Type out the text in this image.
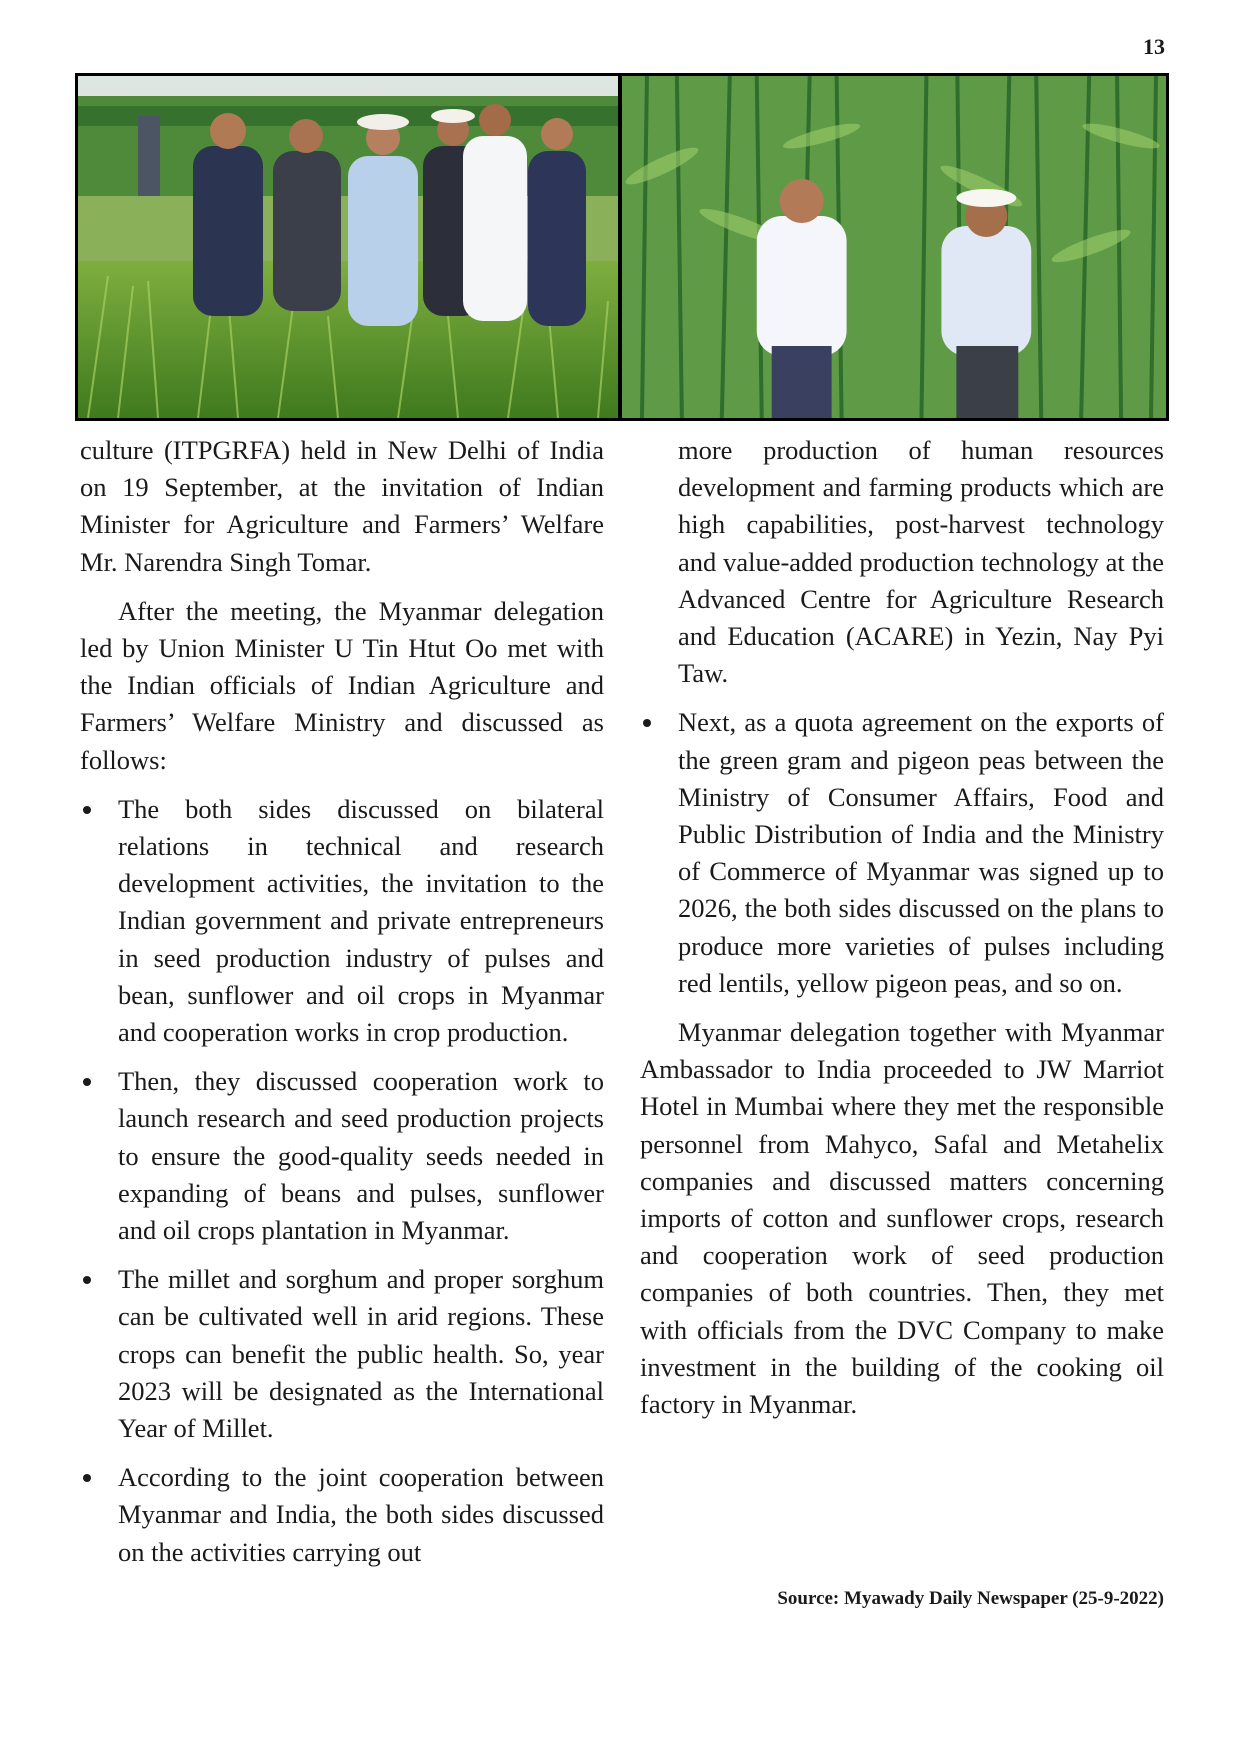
13

culture (ITPGRFA) held in New Delhi of India on 19 September, at the invitation of Indian Minister for Agriculture and Farmers’ Welfare Mr. Narendra Singh Tomar.

After the meeting, the Myanmar delegation led by Union Minister U Tin Htut Oo met with the Indian officials of Indian Agriculture and Farmers’ Welfare Ministry and discussed as follows:

The both sides discussed on bilateral relations in technical and research development activities, the invitation to the Indian government and private entrepreneurs in seed production industry of pulses and bean, sunflower and oil crops in Myanmar and cooperation works in crop production.
Then, they discussed cooperation work to launch research and seed production projects to ensure the good-quality seeds needed in expanding of beans and pulses, sunflower and oil crops plantation in Myanmar.
The millet and sorghum and proper sorghum can be cultivated well in arid regions. These crops can benefit the public health. So, year 2023 will be designated as the International Year of Millet.
According to the joint cooperation between Myanmar and India, the both sides discussed on the activities carrying out
more production of human resources development and farming products which are high capabilities, post-harvest technology and value-added production technology at the Advanced Centre for Agriculture Research and Education (ACARE) in Yezin, Nay Pyi Taw.
Next, as a quota agreement on the exports of the green gram and pigeon peas between the Ministry of Consumer Affairs, Food and Public Distribution of India and the Ministry of Commerce of Myanmar was signed up to 2026, the both sides discussed on the plans to produce more varieties of pulses including red lentils, yellow pigeon peas, and so on.

Myanmar delegation together with Myanmar Ambassador to India proceeded to JW Marriot Hotel in Mumbai where they met the responsible personnel from Mahyco, Safal and Metahelix companies and discussed matters concerning imports of cotton and sunflower crops, research and cooperation work of seed production companies of both countries. Then, they met with officials from the DVC Company to make investment in the building of the cooking oil factory in Myanmar.

Source: Myawady Daily Newspaper (25-9-2022)
